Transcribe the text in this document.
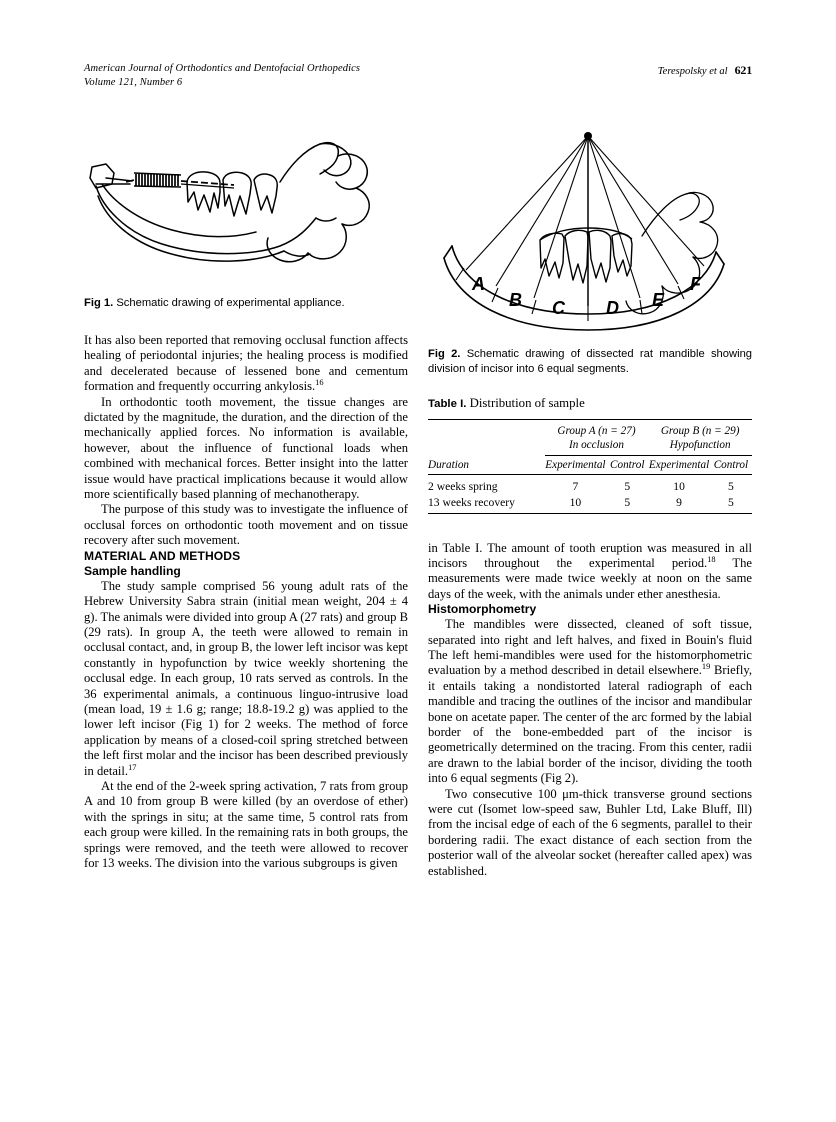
American Journal of Orthodontics and Dentofacial Orthopedics
Volume 121, Number 6
Terespolsky et al 621
Fig 1. Schematic drawing of experimental appliance.

It has also been reported that removing occlusal function affects healing of periodontal injuries; the healing process is modified and decelerated because of lessened bone and cementum formation and frequently occurring ankylosis.$^{16}$

In orthodontic tooth movement, the tissue changes are dictated by the magnitude, the duration, and the direction of the mechanically applied forces. No information is available, however, about the influence of functional loads when combined with mechanical forces. Better insight into the latter issue would have practical implications because it would allow more scientifically based planning of mechanotherapy.

The purpose of this study was to investigate the influence of occlusal forces on orthodontic tooth movement and on tissue recovery after such movement.

MATERIAL AND METHODS
Sample handling

The study sample comprised 56 young adult rats of the Hebrew University Sabra strain (initial mean weight, 204 ± 4 g). The animals were divided into group A (27 rats) and group B (29 rats). In group A, the teeth were allowed to remain in occlusal contact, and, in group B, the lower left incisor was kept constantly in hypofunction by twice weekly shortening the occlusal edge. In each group, 10 rats served as controls. In the 36 experimental animals, a continuous linguo-intrusive load (mean load, 19 ± 1.6 g; range; 18.8-19.2 g) was applied to the lower left incisor (Fig 1) for 2 weeks. The method of force application by means of a closed-coil spring stretched between the left first molar and the incisor has been described previously in detail.$^{17}$

At the end of the 2-week spring activation, 7 rats from group A and 10 from group B were killed (by an overdose of ether) with the springs in situ; at the same time, 5 control rats from each group were killed. In the remaining rats in both groups, the springs were removed, and the teeth were allowed to recover for 13 weeks. The division into the various subgroups is given

A
B C D E
F
Fig 2. Schematic drawing of dissected rat mandible showing division of incisor into 6 equal segments.
Table I. Distribution of sample

Group A (n = 27)
In occlusion

Group B (n = 29)
Hypofunction

Duration	Experimental	Control	Experimental	Control
2 weeks spring	7	5	10	5
13 weeks recovery	10	5	9	5

in Table I. The amount of tooth eruption was measured in all incisors throughout the experimental period.$^{18}$ The measurements were made twice weekly at noon on the same days of the week, with the animals under ether anesthesia.

Histomorphometry

The mandibles were dissected, cleaned of soft tissue, separated into right and left halves, and fixed in Bouin's fluid The left hemi-mandibles were used for the histomorphometric evaluation by a method described in detail elsewhere.$^{19}$ Briefly, it entails taking a nondistorted lateral radiograph of each mandible and tracing the outlines of the incisor and mandibular bone on acetate paper. The center of the arc formed by the labial border of the bone-embedded part of the incisor is geometrically determined on the tracing. From this center, radii are drawn to the labial border of the incisor, dividing the tooth into 6 equal segments (Fig 2).

Two consecutive 100 μm-thick transverse ground sections were cut (Isomet low-speed saw, Buhler Ltd, Lake Bluff, Ill) from the incisal edge of each of the 6 segments, parallel to their bordering radii. The exact distance of each section from the posterior wall of the alveolar socket (hereafter called apex) was established.
